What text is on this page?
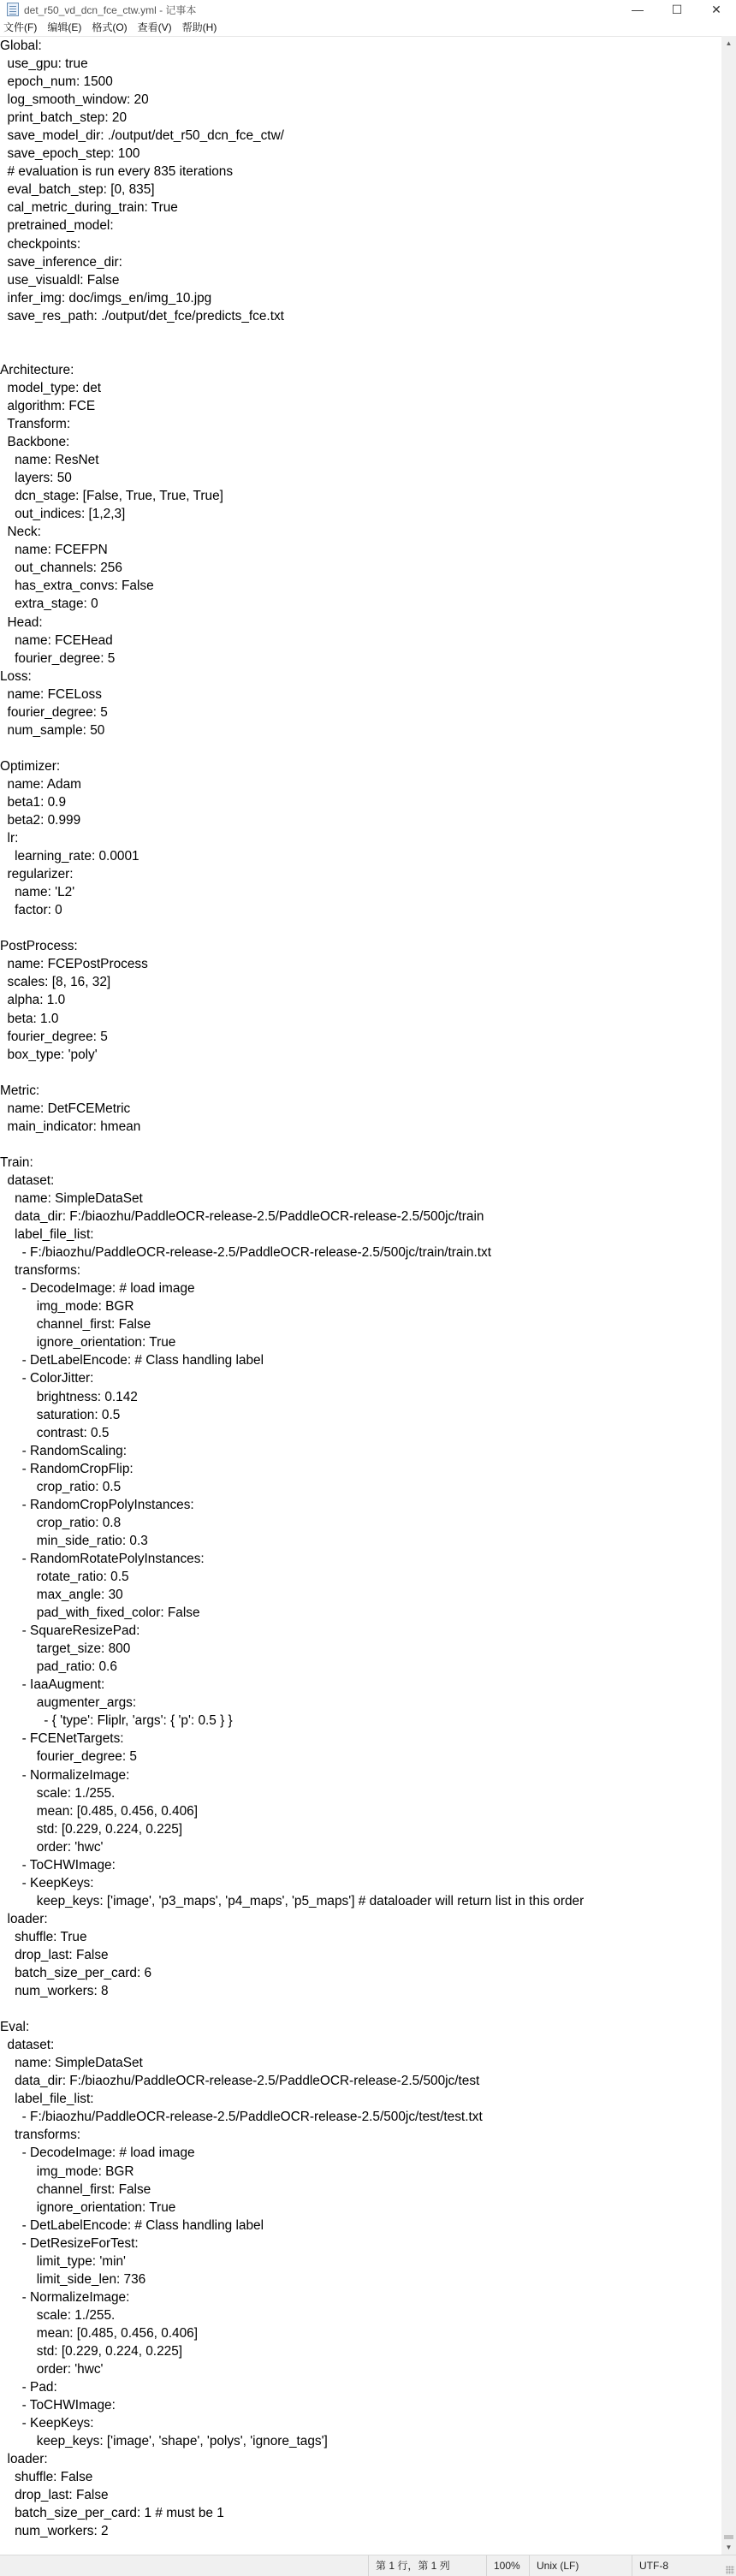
det_r50_vd_dcn_fce_ctw.yml - 记事本	—	☐	✕
文件(F)	编辑(E)	格式(O)	查看(V)	帮助(H)
Global:
use_gpu: true
epoch_num: 1500
log_smooth_window: 20
print_batch_step: 20
save_model_dir: ./output/det_r50_dcn_fce_ctw/
save_epoch_step: 100
# evaluation is run every 835 iterations
eval_batch_step: [0, 835]
cal_metric_during_train: True
pretrained_model:
checkpoints:
save_inference_dir:
use_visualdl: False
infer_img: doc/imgs_en/img_10.jpg
save_res_path: ./output/det_fce/predicts_fce.txt

Architecture:
model_type: det
algorithm: FCE
Transform:
Backbone:
name: ResNet
layers: 50
dcn_stage: [False, True, True, True]
out_indices: [1,2,3]
Neck:
name: FCEFPN
out_channels: 256
has_extra_convs: False
extra_stage: 0
Head:
name: FCEHead
fourier_degree: 5
Loss:
name: FCELoss
fourier_degree: 5
num_sample: 50

Optimizer:
name: Adam
beta1: 0.9
beta2: 0.999
lr:
learning_rate: 0.0001
regularizer:
name: 'L2'
factor: 0

PostProcess:
name: FCEPostProcess
scales: [8, 16, 32]
alpha: 1.0
beta: 1.0
fourier_degree: 5
box_type: 'poly'

Metric:
name: DetFCEMetric
main_indicator: hmean

Train:
dataset:
name: SimpleDataSet
data_dir: F:/biaozhu/PaddleOCR-release-2.5/PaddleOCR-release-2.5/500jc/train
label_file_list:
- F:/biaozhu/PaddleOCR-release-2.5/PaddleOCR-release-2.5/500jc/train/train.txt
transforms:
- DecodeImage: # load image
img_mode: BGR
channel_first: False
ignore_orientation: True
- DetLabelEncode: # Class handling label
- ColorJitter:
brightness: 0.142
saturation: 0.5
contrast: 0.5
- RandomScaling:
- RandomCropFlip:
crop_ratio: 0.5
- RandomCropPolyInstances:
crop_ratio: 0.8
min_side_ratio: 0.3
- RandomRotatePolyInstances:
rotate_ratio: 0.5
max_angle: 30
pad_with_fixed_color: False
- SquareResizePad:
target_size: 800
pad_ratio: 0.6
- IaaAugment:
augmenter_args:
- { 'type': Fliplr, 'args': { 'p': 0.5 } }
- FCENetTargets:
fourier_degree: 5
- NormalizeImage:
scale: 1./255.
mean: [0.485, 0.456, 0.406]
std: [0.229, 0.224, 0.225]
order: 'hwc'
- ToCHWImage:
- KeepKeys:
keep_keys: ['image', 'p3_maps', 'p4_maps', 'p5_maps'] # dataloader will return list in this order
loader:
shuffle: True
drop_last: False
batch_size_per_card: 6
num_workers: 8

Eval:
dataset:
name: SimpleDataSet
data_dir: F:/biaozhu/PaddleOCR-release-2.5/PaddleOCR-release-2.5/500jc/test
label_file_list:
- F:/biaozhu/PaddleOCR-release-2.5/PaddleOCR-release-2.5/500jc/test/test.txt
transforms:
- DecodeImage: # load image
img_mode: BGR
channel_first: False
ignore_orientation: True
- DetLabelEncode: # Class handling label
- DetResizeForTest:
limit_type: 'min'
limit_side_len: 736
- NormalizeImage:
scale: 1./255.
mean: [0.485, 0.456, 0.406]
std: [0.229, 0.224, 0.225]
order: 'hwc'
- Pad:
- ToCHWImage:
- KeepKeys:
keep_keys: ['image', 'shape', 'polys', 'ignore_tags']
loader:
shuffle: False
drop_last: False
batch_size_per_card: 1 # must be 1
num_workers: 2
▲
▼
第 1 行，第 1 列	100%	Unix (LF)	UTF-8
